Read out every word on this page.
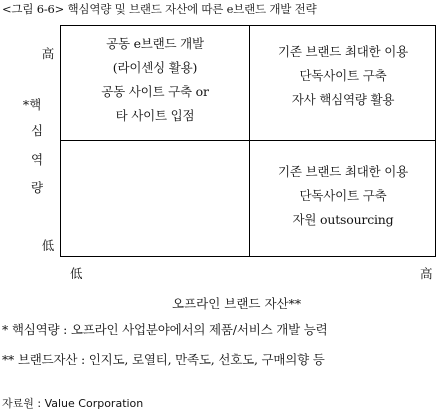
<그림 6-6> 핵심역량 및 브랜드 자산에 따른 e브랜드 개발 전략
高
*핵
심
역
량
低
공동 e브랜드 개발
(라이센싱 활용)
공동 사이트 구축 or
타 사이트 입점
기존 브랜드 최대한 이용
단독사이트 구축
자사 핵심역량 활용
기존 브랜드 최대한 이용
단독사이트 구축
자원 outsourcing
低	高
오프라인 브랜드 자산**
* 핵심역량 : 오프라인 사업분야에서의 제품/서비스 개발 능력
** 브랜드자산 : 인지도, 로열티, 만족도, 선호도, 구매의향 등
자료원 : Value Corporation
